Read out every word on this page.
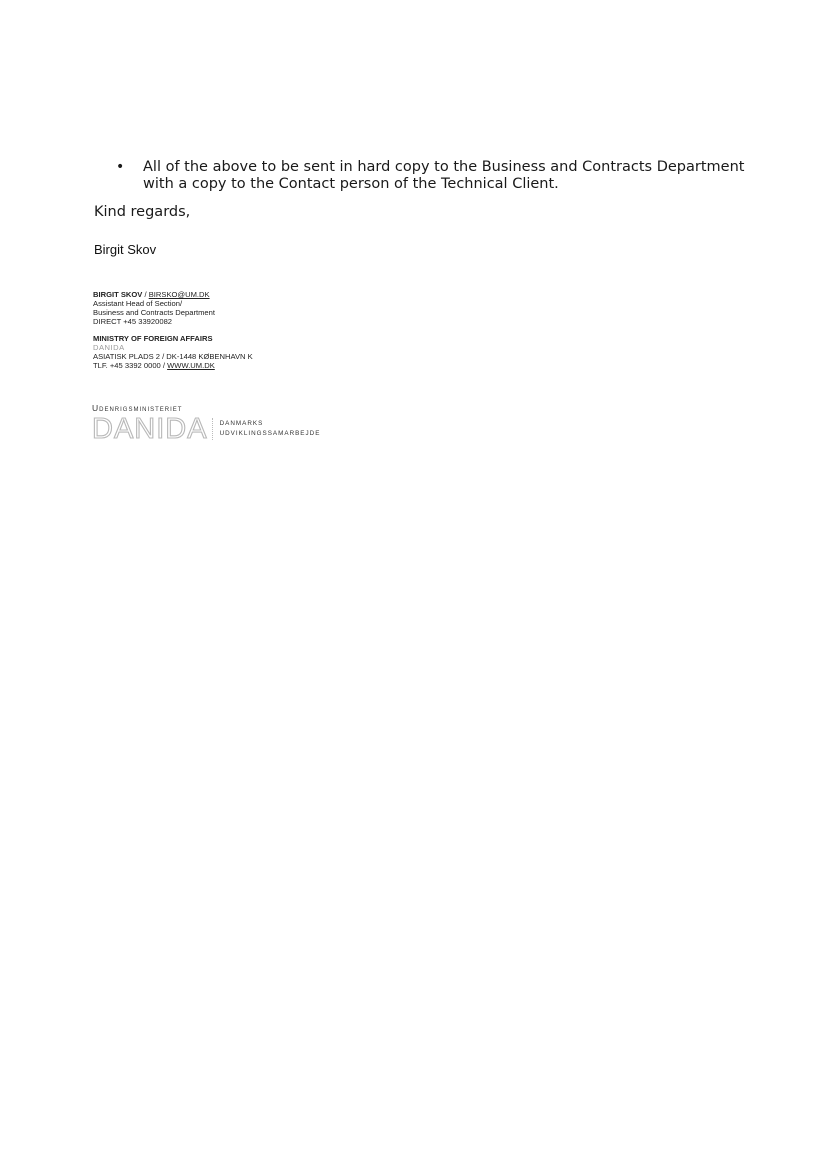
•	All of the above to be sent in hard copy to the Business and Contracts Department with a copy to the Contact person of the Technical Client.
Kind regards,
Birgit Skov
BIRGIT SKOV / BIRSKO@UM.DK
Assistant Head of Section/
Business and Contracts Department
DIRECT +45 33920082
MINISTRY OF FOREIGN AFFAIRS
DANIDA
ASIATISK PLADS 2 / DK-1448 KØBENHAVN K
TLF. +45 3392 0000 / WWW.UM.DK
Udenrigsministeriet
DANIDA DANMARKS
UDVIKLINGSSAMARBEJDE
